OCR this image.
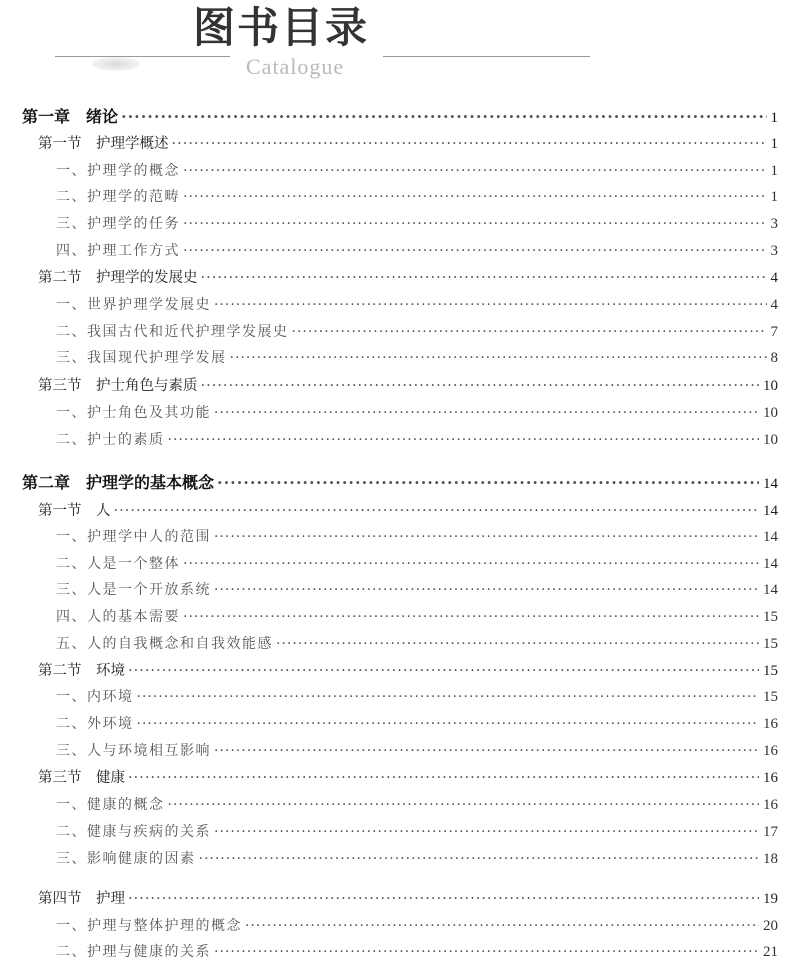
图书目录
Catalogue
第一章　绪论 ·····	1
第一节　护理学概述 ·····	1
一、护理学的概念 ·····	1
二、护理学的范畴 ·····	1
三、护理学的任务 ·····	3
四、护理工作方式 ·····	3
第二节　护理学的发展史 ·····	4
一、世界护理学发展史 ·····	4
二、我国古代和近代护理学发展史 ·····	7
三、我国现代护理学发展 ·····	8
第三节　护士角色与素质 ·····	10
一、护士角色及其功能 ·····	10
二、护士的素质 ·····	10
第二章　护理学的基本概念 ·····	14
第一节　人 ·····	14
一、护理学中人的范围 ·····	14
二、人是一个整体 ·····	14
三、人是一个开放系统 ·····	14
四、人的基本需要 ·····	15
五、人的自我概念和自我效能感 ·····	15
第二节　环境 ·····	15
一、内环境 ·····	15
二、外环境 ·····	16
三、人与环境相互影响 ·····	16
第三节　健康 ·····	16
一、健康的概念 ·····	16
二、健康与疾病的关系 ·····	17
三、影响健康的因素 ·····	18
第四节　护理 ·····	19
一、护理与整体护理的概念 ·····	20
二、护理与健康的关系 ·····	21
